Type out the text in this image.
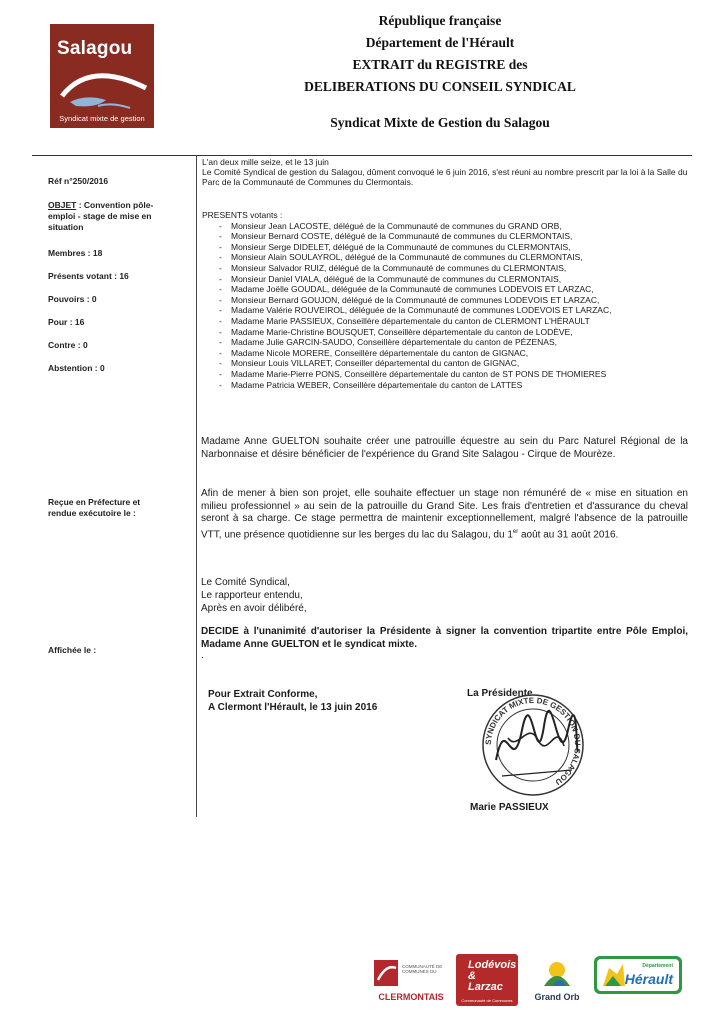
Salagou
Syndicat mixte de gestion
République française
Département de l'Hérault
EXTRAIT du REGISTRE des
DELIBERATIONS DU CONSEIL SYNDICAL
Syndicat Mixte de Gestion du Salagou
Réf n°250/2016
OBJET : Convention pôle-emploi - stage de mise en situation
Membres : 18
Présents votant : 16
Pouvoirs : 0
Pour : 16
Contre : 0
Abstention : 0
Reçue en Préfecture et rendue exécutoire le :
Affichée le :
L'an deux mille seize, et le 13 juin
Le Comité Syndical de gestion du Salagou, dûment convoqué le 6 juin 2016, s'est réuni au nombre prescrit par la loi à la Salle du Parc de la Communauté de Communes du Clermontais.
PRESENTS votants :
- Monsieur Jean LACOSTE, délégué de la Communauté de communes du GRAND ORB,
- Monsieur Bernard COSTE, délégué de la Communauté de communes du CLERMONTAIS,
- Monsieur Serge DIDELET, délégué de la Communauté de communes du CLERMONTAIS,
- Monsieur Alain SOULAYROL, délégué de la Communauté de communes du CLERMONTAIS,
- Monsieur Salvador RUIZ, délégué de la Communauté de communes du CLERMONTAIS,
- Monsieur Daniel VIALA, délégué de la Communauté de communes du CLERMONTAIS,
- Madame Joëlle GOUDAL, déléguée de la Communauté de communes LODEVOIS ET LARZAC,
- Monsieur Bernard GOUJON, délégué de la Communauté de communes LODEVOIS ET LARZAC,
- Madame Valérie ROUVEIROL, déléguée de la Communauté de communes LODEVOIS ET LARZAC,
- Madame Marie PASSIEUX, Conseillère départementale du canton de CLERMONT L'HÉRAULT
- Madame Marie-Christine BOUSQUET, Conseillère départementale du canton de LODÈVE,
- Madame Julie GARCIN-SAUDO, Conseillère départementale du canton de PÉZENAS,
- Madame Nicole MORERE, Conseillère départementale du canton de GIGNAC,
- Monsieur Louis VILLARET, Conseiller départemental du canton de GIGNAC,
- Madame Marie-Pierre PONS, Conseillère départementale du canton de ST PONS DE THOMIERES
- Madame Patricia WEBER, Conseillère départementale du canton de LATTES
Madame Anne GUELTON souhaite créer une patrouille équestre au sein du Parc Naturel Régional de la Narbonnaise et désire bénéficier de l'expérience du Grand Site Salagou - Cirque de Mourèze.
Afin de mener à bien son projet, elle souhaite effectuer un stage non rémunéré de « mise en situation en milieu professionnel » au sein de la patrouille du Grand Site. Les frais d'entretien et d'assurance du cheval seront à sa charge. Ce stage permettra de maintenir exceptionnellement, malgré l'absence de la patrouille VTT, une présence quotidienne sur les berges du lac du Salagou, du 1er août au 31 août 2016.
Le Comité Syndical,
Le rapporteur entendu,
Après en avoir délibéré,
DECIDE à l'unanimité d'autoriser la Présidente à signer la convention tripartite entre Pôle Emploi, Madame Anne GUELTON et le syndicat mixte.
.
Pour Extrait Conforme,
A Clermont l'Hérault, le 13 juin 2016
La Présidente
SYNDICAT MIXTE DE GESTION DU SALAGOU
Marie PASSIEUX
COMMUNAUTÉ DE COMMUNES DU
CLERMONTAIS
Lodévois & Larzac
Communauté de Communes	Grand Orb
Département
Hérault
